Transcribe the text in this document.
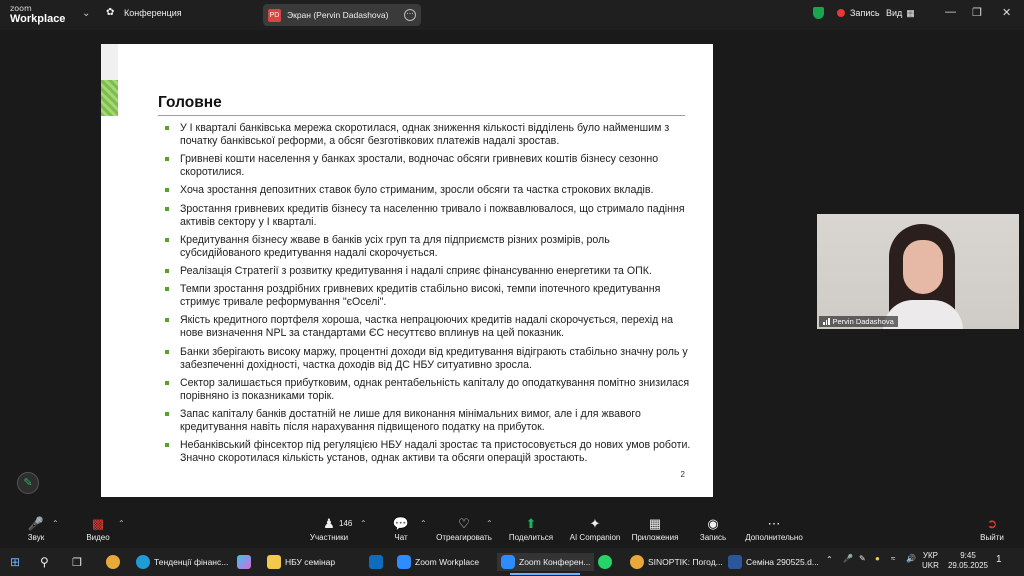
zoom
Workplace ⌄ ✿	Конференция	PD Экран (Pervin Dadashova)	⋯	Запись Вид ▦	— ❐ ✕
Головне
У І кварталі банківська мережа скоротилася, однак зниження кількості відділень було найменшим з початку банківської реформи, а обсяг безготівкових платежів надалі зростав.
Гривневі кошти населення у банках зростали, водночас обсяги гривневих коштів бізнесу сезонно скоротилися.
Хоча зростання депозитних ставок було стриманим, зросли обсяги та частка строкових вкладів.
Зростання гривневих кредитів бізнесу та населенню тривало і пожвавлювалося, що стримало падіння активів сектору у І кварталі.
Кредитування бізнесу жваве в банків усіх груп та для підприємств різних розмірів, роль субсидійованого кредитування надалі скорочується.
Реалізація Стратегії з розвитку кредитування і надалі сприяє фінансуванню енергетики та ОПК.
Темпи зростання роздрібних гривневих кредитів стабільно високі, темпи іпотечного кредитування стримує тривале реформування "єОселі".
Якість кредитного портфеля хороша, частка непрацюючих кредитів надалі скорочується, перехід на нове визначення NPL за стандартами ЄС несуттєво вплинув на цей показник.
Банки зберігають високу маржу, процентні доходи від кредитування відіграють стабільно значну роль у забезпеченні дохідності, частка доходів від ДС НБУ ситуативно зросла.
Сектор залишається прибутковим, однак рентабельність капіталу до оподаткування помітно знизилася порівняно із показниками торік.
Запас капіталу банків достатній не лише для виконання мінімальних вимог, але і для жвавого кредитування навіть після нарахування підвищеного податку на прибуток.
Небанківський фінсектор під регуляцією НБУ надалі зростає та пристосовується до нових умов роботи. Значно скоротилася кількість установ, однак активи та обсяги операцій зростають.
2
✎
Pervin Dadashova
🎤
Звук
⌃	▩
Видео
⌃	♟
Участники
146 ⌃ 💬
Чат
⌃	♡
Отреагировать
⌃	⬆
Поделиться
✦
AI Companion
▦
Приложения
◉
Запись
⋯
Дополнительно
➲
Выйти
⊞ ⚲ ❐	Тенденції фінанс...	НБУ семінар	Zoom Workplace	Zoom Конферен...	SINOPTIK: Погод...	Семіна 290525.d... ⌃ 🎤 ✎ ● ≈ 🔊 УКР
UKR
9:45
29.05.2025
1
